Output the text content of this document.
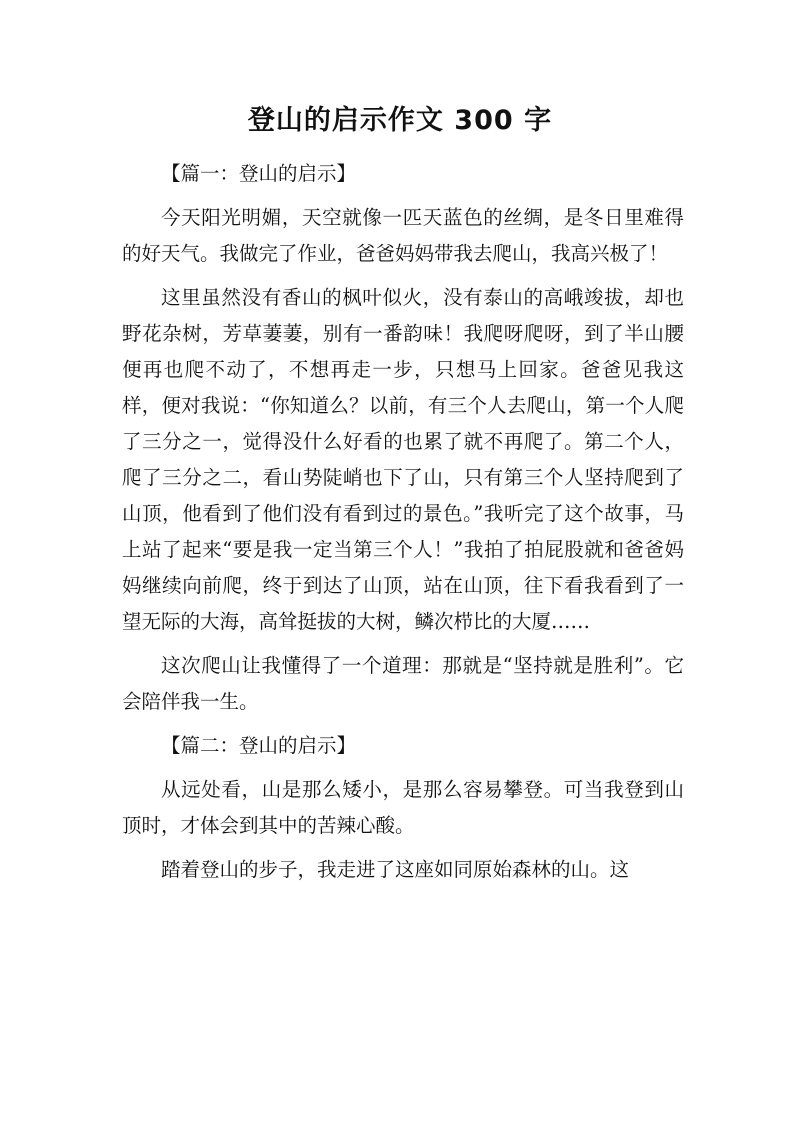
登山的启示作文 300 字
【篇一：登山的启示】

今天阳光明媚，天空就像一匹天蓝色的丝绸，是冬日里难得的好天气。我做完了作业，爸爸妈妈带我去爬山，我高兴极了！

这里虽然没有香山的枫叶似火，没有泰山的高峨竣拔，却也野花杂树，芳草萋萋，别有一番韵味！我爬呀爬呀，到了半山腰便再也爬不动了，不想再走一步，只想马上回家。爸爸见我这样，便对我说：“你知道么？以前，有三个人去爬山，第一个人爬了三分之一，觉得没什么好看的也累了就不再爬了。第二个人，爬了三分之二，看山势陡峭也下了山，只有第三个人坚持爬到了山顶，他看到了他们没有看到过的景色。”我听完了这个故事，马上站了起来“要是我一定当第三个人！”我拍了拍屁股就和爸爸妈妈继续向前爬，终于到达了山顶，站在山顶，往下看我看到了一望无际的大海，高耸挺拔的大树，鳞次栉比的大厦……

这次爬山让我懂得了一个道理：那就是“坚持就是胜利”。它会陪伴我一生。

【篇二：登山的启示】

从远处看，山是那么矮小，是那么容易攀登。可当我登到山顶时，才体会到其中的苦辣心酸。

踏着登山的步子，我走进了这座如同原始森林的山。这
